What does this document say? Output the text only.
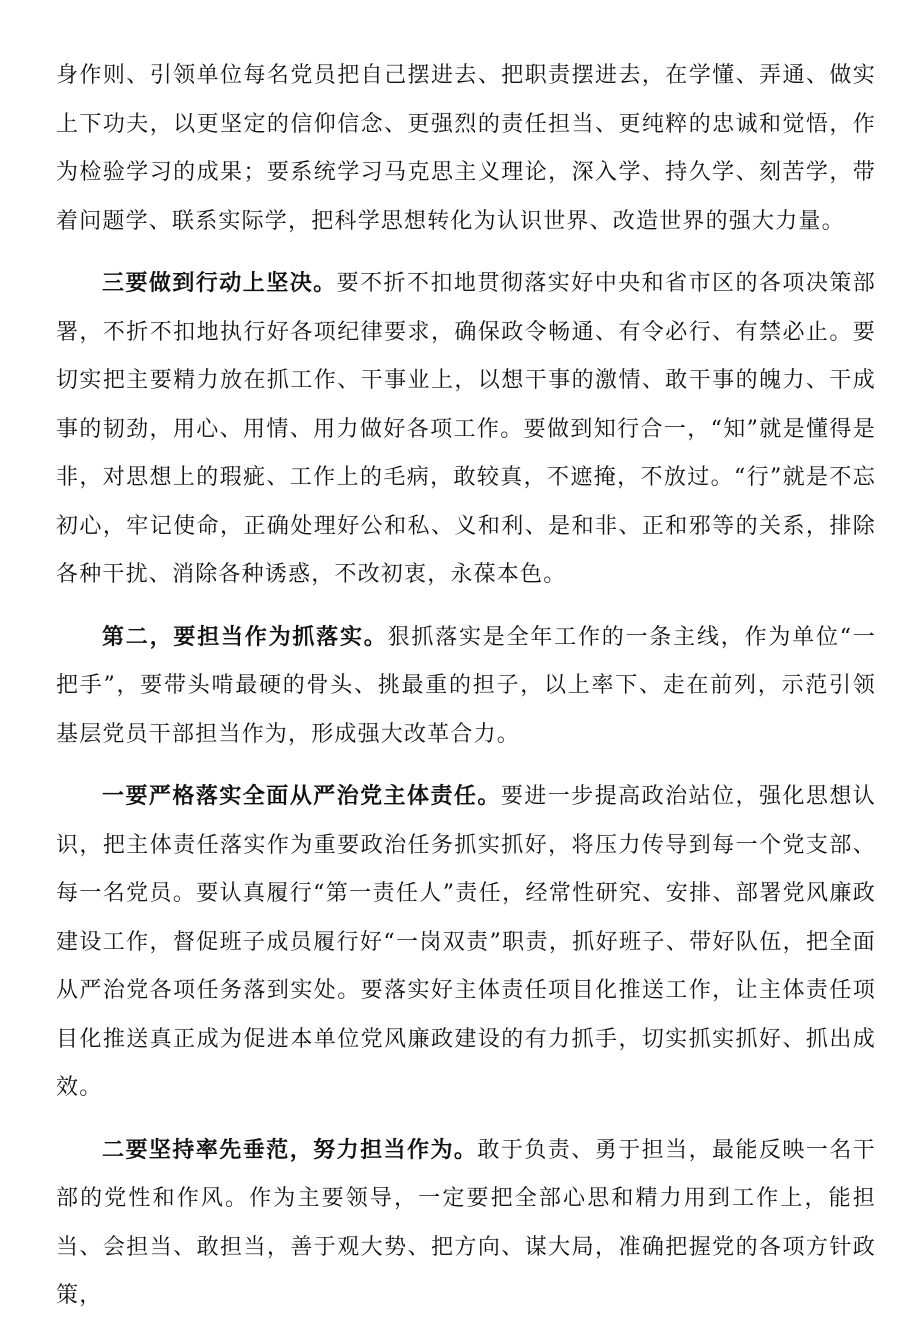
身作则、引领单位每名党员把自己摆进去、把职责摆进去，在学懂、弄通、做实上下功夫，以更坚定的信仰信念、更强烈的责任担当、更纯粹的忠诚和觉悟，作为检验学习的成果；要系统学习马克思主义理论，深入学、持久学、刻苦学，带着问题学、联系实际学，把科学思想转化为认识世界、改造世界的强大力量。

三要做到行动上坚决。要不折不扣地贯彻落实好中央和省市区的各项决策部署，不折不扣地执行好各项纪律要求，确保政令畅通、有令必行、有禁必止。要切实把主要精力放在抓工作、干事业上，以想干事的激情、敢干事的魄力、干成事的韧劲，用心、用情、用力做好各项工作。要做到知行合一，“知”就是懂得是非，对思想上的瑕疵、工作上的毛病，敢较真，不遮掩，不放过。“行”就是不忘初心，牢记使命，正确处理好公和私、义和利、是和非、正和邪等的关系，排除各种干扰、消除各种诱惑，不改初衷，永葆本色。

第二，要担当作为抓落实。狠抓落实是全年工作的一条主线，作为单位“一把手”，要带头啃最硬的骨头、挑最重的担子，以上率下、走在前列，示范引领基层党员干部担当作为，形成强大改革合力。

一要严格落实全面从严治党主体责任。要进一步提高政治站位，强化思想认识，把主体责任落实作为重要政治任务抓实抓好，将压力传导到每一个党支部、每一名党员。要认真履行“第一责任人”责任，经常性研究、安排、部署党风廉政建设工作，督促班子成员履行好“一岗双责”职责，抓好班子、带好队伍，把全面从严治党各项任务落到实处。要落实好主体责任项目化推送工作，让主体责任项目化推送真正成为促进本单位党风廉政建设的有力抓手，切实抓实抓好、抓出成效。

二要坚持率先垂范，努力担当作为。敢于负责、勇于担当，最能反映一名干部的党性和作风。作为主要领导，一定要把全部心思和精力用到工作上，能担当、会担当、敢担当，善于观大势、把方向、谋大局，准确把握党的各项方针政策，
